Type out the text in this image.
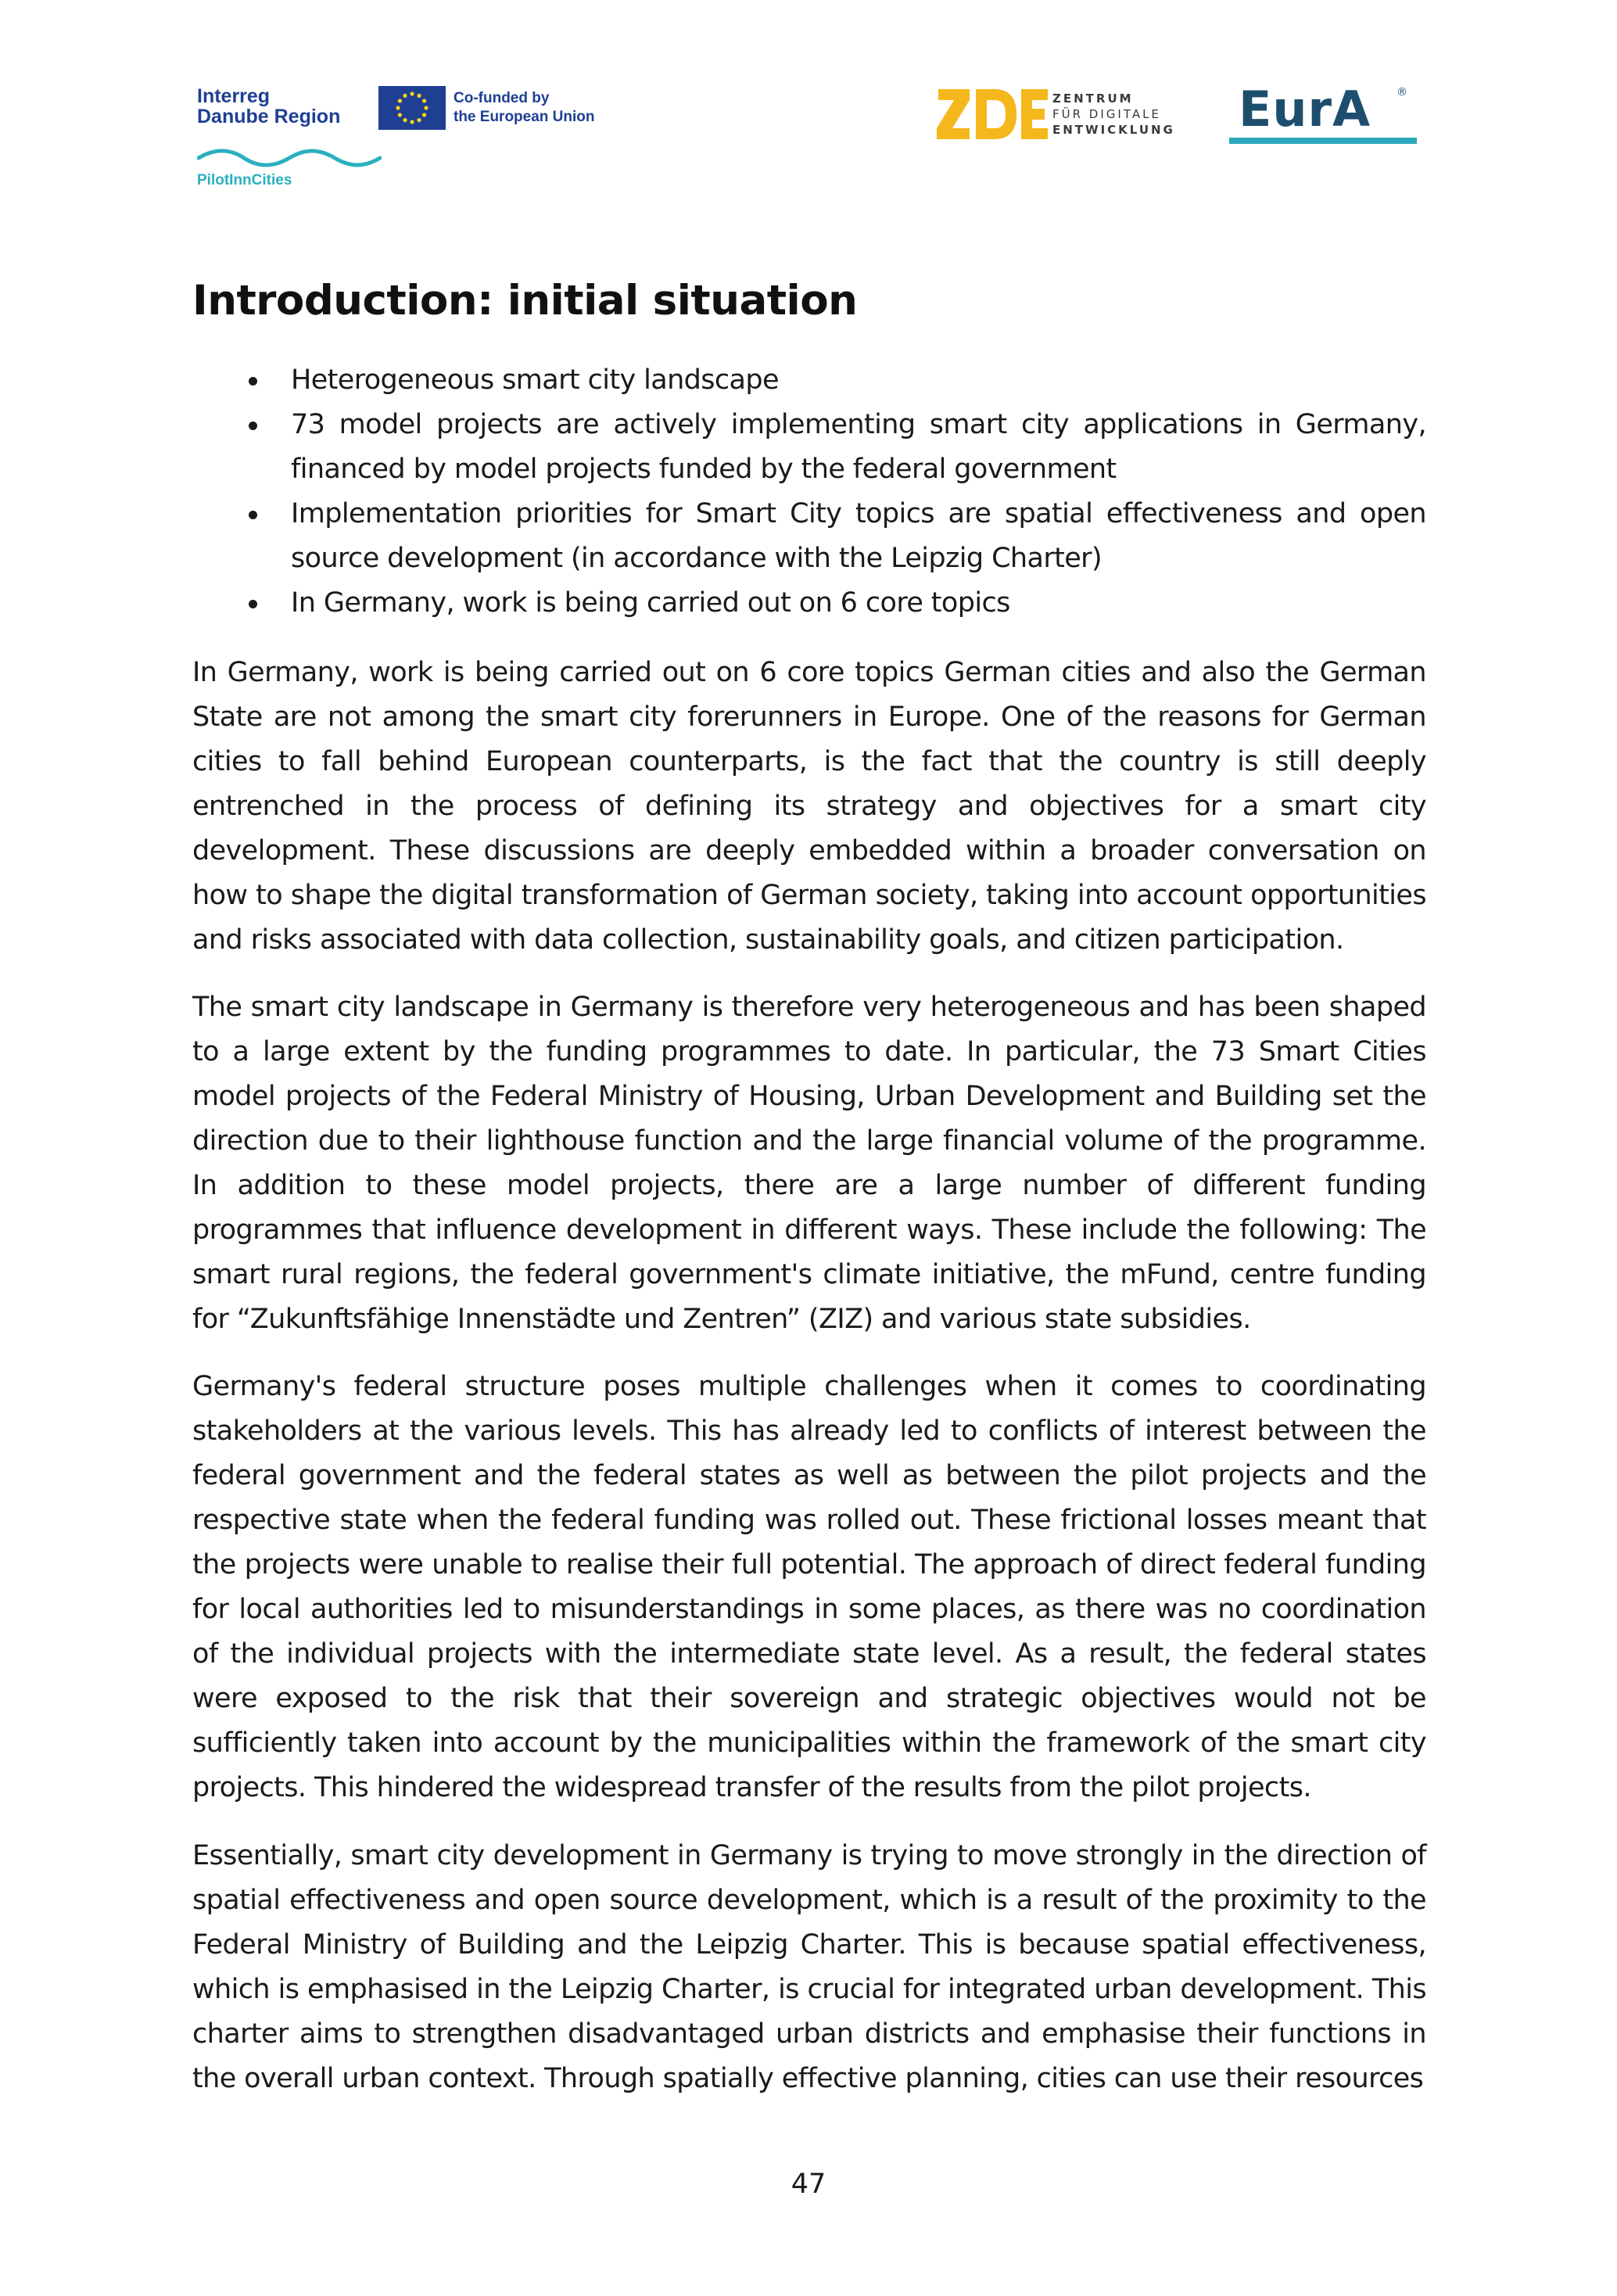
Interreg
Danube Region
PilotInnCities
Co-funded by
the European Union
ZENTRUM
FÜR DIGITALE
ENTWICKLUNG EurA ®
Introduction: initial situation
Heterogeneous smart city landscape
73 model projects are actively implementing smart city applications in Germany, financed by model projects funded by the federal government
Implementation priorities for Smart City topics are spatial effectiveness and open source development (in accordance with the Leipzig Charter)
In Germany, work is being carried out on 6 core topics

In Germany, work is being carried out on 6 core topics German cities and also the German State are not among the smart city forerunners in Europe. One of the reasons for German cities to fall behind European counterparts, is the fact that the country is still deeply entrenched in the process of defining its strategy and objectives for a smart city development. These discussions are deeply embedded within a broader conversation on how to shape the digital transformation of German society, taking into account opportunities and risks associated with data collection, sustainability goals, and citizen participation.

The smart city landscape in Germany is therefore very heterogeneous and has been shaped to a large extent by the funding programmes to date. In particular, the 73 Smart Cities model projects of the Federal Ministry of Housing, Urban Development and Building set the direction due to their lighthouse function and the large financial volume of the programme. In addition to these model projects, there are a large number of different funding programmes that influence development in different ways. These include the following: The smart rural regions, the federal government's climate initiative, the mFund, centre funding for “Zukunftsfähige Innenstädte und Zentren” (ZIZ) and various state subsidies.

Germany's federal structure poses multiple challenges when it comes to coordinating stakeholders at the various levels. This has already led to conflicts of interest between the federal government and the federal states as well as between the pilot projects and the respective state when the federal funding was rolled out. These frictional losses meant that the projects were unable to realise their full potential. The approach of direct federal funding for local authorities led to misunderstandings in some places, as there was no coordination of the individual projects with the intermediate state level. As a result, the federal states were exposed to the risk that their sovereign and strategic objectives would not be sufficiently taken into account by the municipalities within the framework of the smart city projects. This hindered the widespread transfer of the results from the pilot projects.

Essentially, smart city development in Germany is trying to move strongly in the direction of spatial effectiveness and open source development, which is a result of the proximity to the Federal Ministry of Building and the Leipzig Charter. This is because spatial effectiveness, which is emphasised in the Leipzig Charter, is crucial for integrated urban development. This charter aims to strengthen disadvantaged urban districts and emphasise their functions in the overall urban context. Through spatially effective planning, cities can use their resources

47
